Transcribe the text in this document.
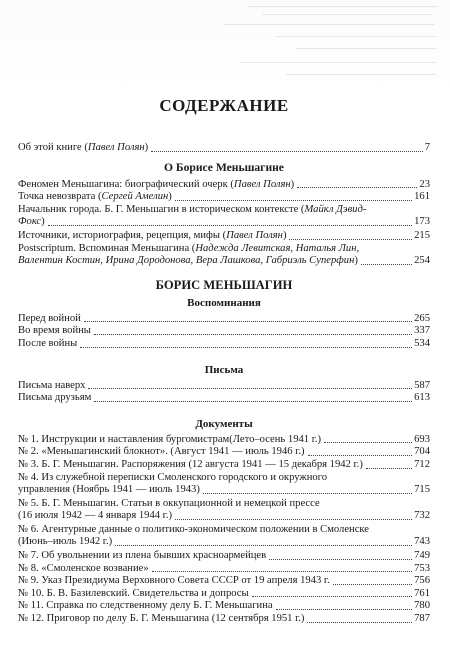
СОДЕРЖАНИЕ
Об этой книге (Павел Полян)	7
О Борисе Меньшагине
Феномен Меньшагина: биографический очерк (Павел Полян)	23
Точка невозврата (Сергей Амелин)	161
Начальник города. Б. Г. Меньшагин в историческом контексте (Майкл Дэвид-
Фокс)	173
Источники, историография, рецепция, мифы (Павел Полян)	215
Postscriptum. Вспоминая Меньшагина (Надежда Левитская, Наталья Лин,
Валентин Костин, Ирина Дородонова, Вера Лашкова, Габриэль Суперфин)	254
БОРИС МЕНЬШАГИН
Воспоминания
Перед войной	265
Во время войны	337
После войны	534
Письма
Письма наверх	587
Письма друзьям	613
Документы
№ 1. Инструкции и наставления бургомистрам(Лето–осень 1941 г.)	693
№ 2. «Меньшагинский блокнот». (Август 1941 — июль 1946 г.)	704
№ 3. Б. Г. Меньшагин. Распоряжения (12 августа 1941 — 15 декабря 1942 г.)	712
№ 4. Из служебной переписки Смоленского городского и окружного
управления (Ноябрь 1941 — июль 1943)	715
№ 5. Б. Г. Меньшагин. Статьи в оккупационной и немецкой прессе
(16 июля 1942 — 4 января 1944 г.)	732
№ 6. Агентурные данные о политико-экономическом положении в Смоленске
(Июнь–июль 1942 г.)	743
№ 7. Об увольнении из плена бывших красноармейцев	749
№ 8. «Смоленское возвание»	753
№ 9. Указ Президиума Верховного Совета СССР от 19 апреля 1943 г.	756
№ 10. Б. В. Базилевский. Свидетельства и допросы	761
№ 11. Справка по следственному делу Б. Г. Меньшагина	780
№ 12. Приговор по делу Б. Г. Меньшагина (12 сентября 1951 г.)	787
